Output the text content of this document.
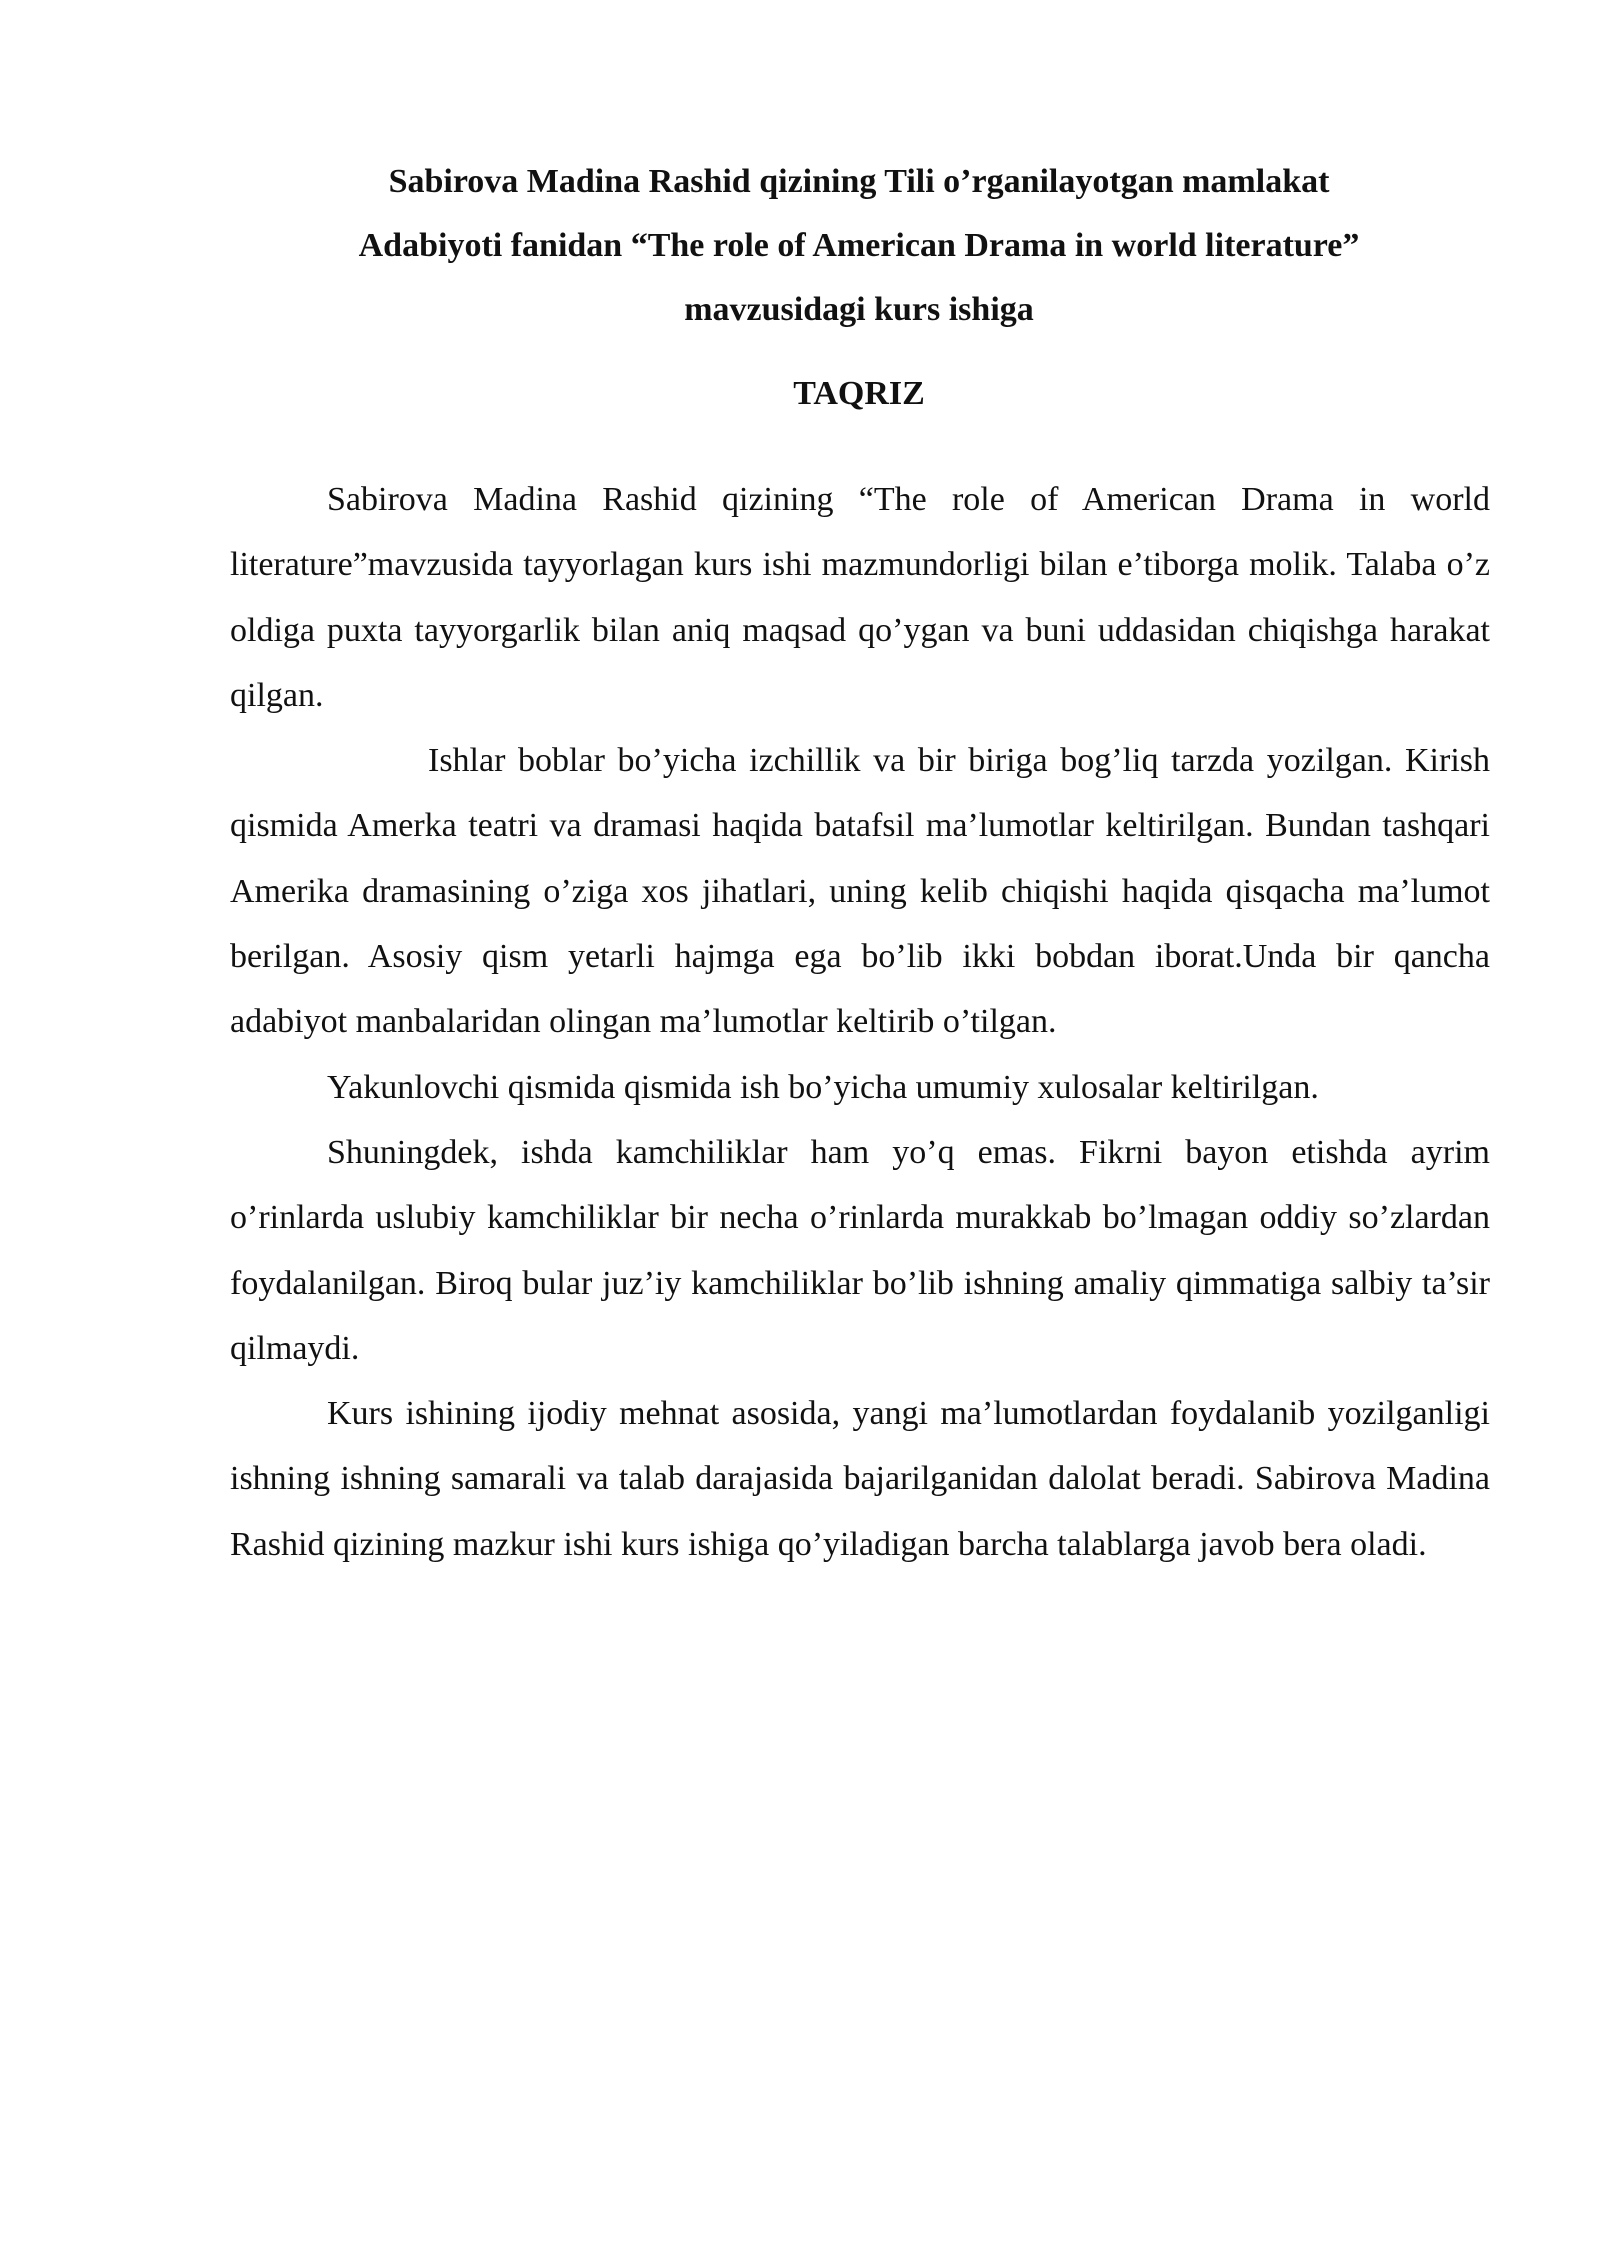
Sabirova Madina Rashid qizining Tili o’rganilayotgan mamlakat
Adabiyoti fanidan “The role of American Drama in world literature”
mavzusidagi kurs ishiga
TAQRIZ

Sabirova Madina Rashid qizining “The role of American Drama in world literature”mavzusida tayyorlagan kurs ishi mazmundorligi bilan e’tiborga molik. Talaba o’z oldiga puxta tayyorgarlik bilan aniq maqsad qo’ygan va buni uddasidan chiqishga harakat qilgan.

Ishlar boblar bo’yicha izchillik va bir biriga bog’liq tarzda yozilgan. Kirish qismida Amerka teatri va dramasi haqida batafsil ma’lumotlar keltirilgan. Bundan tashqari Amerika dramasining o’ziga xos jihatlari, uning kelib chiqishi haqida qisqacha ma’lumot berilgan. Asosiy qism yetarli hajmga ega bo’lib ikki bobdan iborat.Unda bir qancha adabiyot manbalaridan olingan ma’lumotlar keltirib o’tilgan.

Yakunlovchi qismida qismida ish bo’yicha umumiy xulosalar keltirilgan.

Shuningdek, ishda kamchiliklar ham yo’q emas. Fikrni bayon etishda ayrim o’rinlarda uslubiy kamchiliklar bir necha o’rinlarda murakkab bo’lmagan oddiy so’zlardan foydalanilgan. Biroq bular juz’iy kamchiliklar bo’lib ishning amaliy qimmatiga salbiy ta’sir qilmaydi.

Kurs ishining ijodiy mehnat asosida, yangi ma’lumotlardan foydalanib yozilganligi ishning ishning samarali va talab darajasida bajarilganidan dalolat beradi. Sabirova Madina Rashid qizining mazkur ishi kurs ishiga qo’yiladigan barcha talablarga javob bera oladi.
